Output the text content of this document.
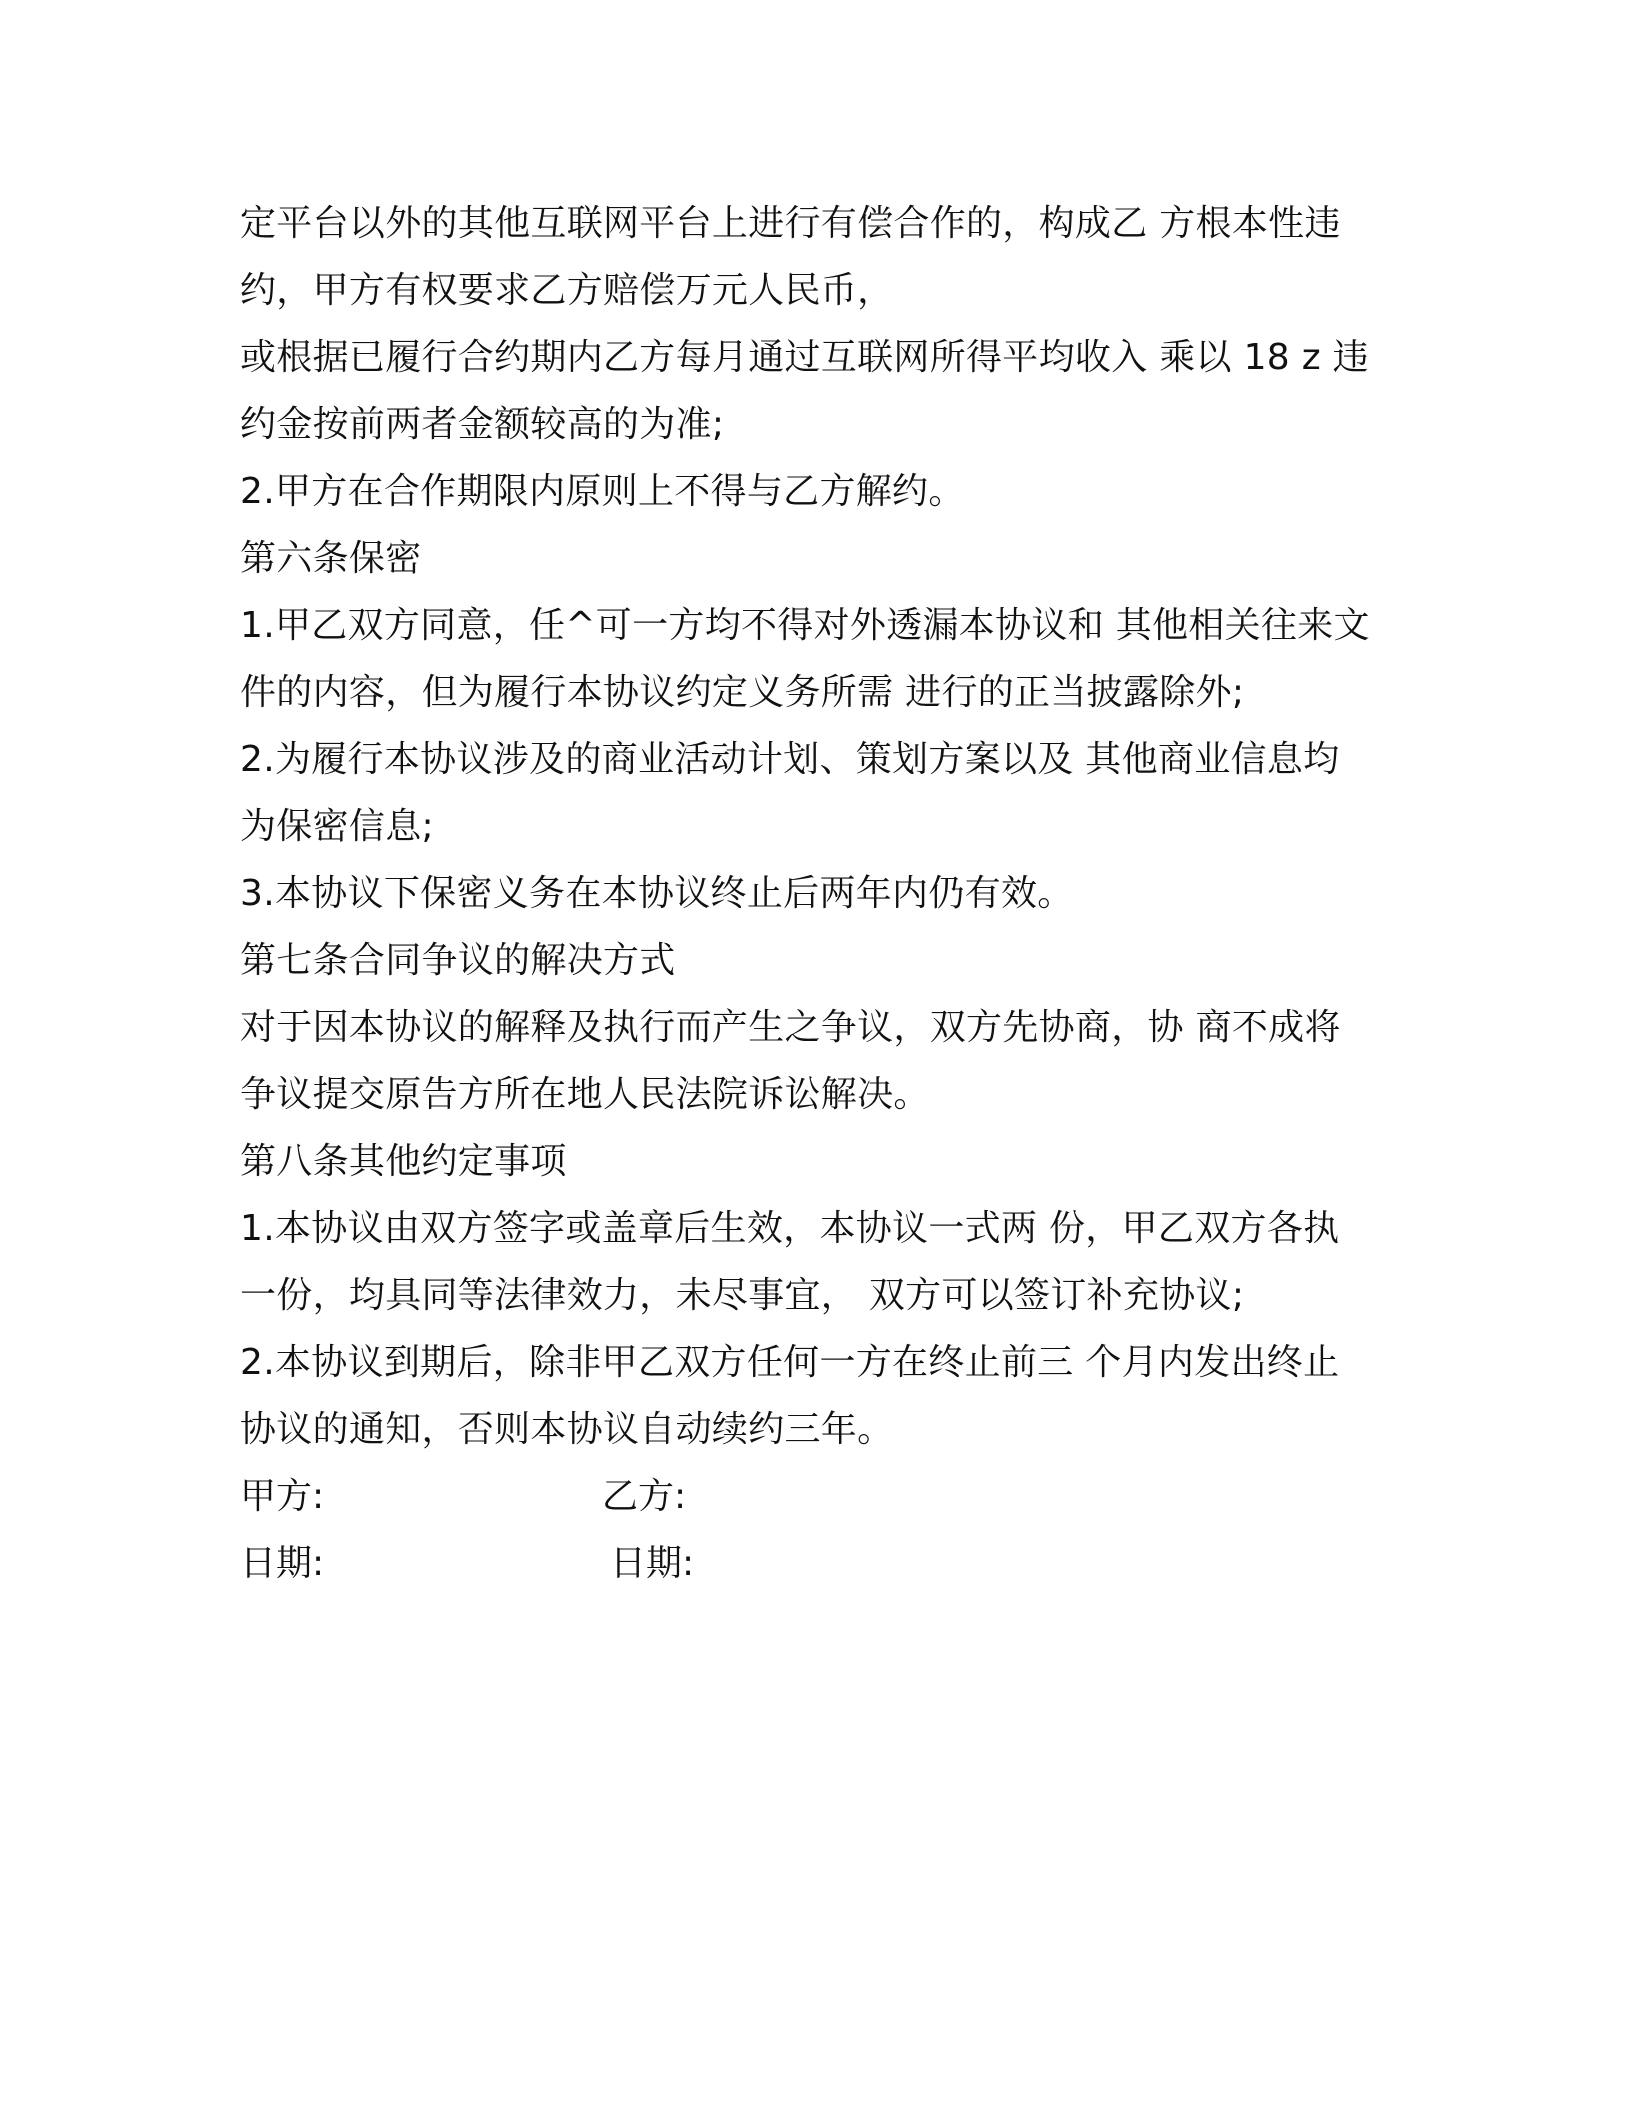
定平台以外的其他互联网平台上进行有偿合作的，构成乙 方根本性违
约，甲方有权要求乙方赔偿万元人民币，
或根据已履行合约期内乙方每月通过互联网所得平均收入 乘以 18 z 违
约金按前两者金额较高的为准;
2.甲方在合作期限内原则上不得与乙方解约。
第六条保密
1.甲乙双方同意，任^可一方均不得对外透漏本协议和 其他相关往来文
件的内容，但为履行本协议约定义务所需 进行的正当披露除外;
2.为履行本协议涉及的商业活动计划、策划方案以及 其他商业信息均
为保密信息;
3.本协议下保密义务在本协议终止后两年内仍有效。
第七条合同争议的解决方式
对于因本协议的解释及执行而产生之争议，双方先协商，协 商不成将
争议提交原告方所在地人民法院诉讼解决。
第八条其他约定事项
1.本协议由双方签字或盖章后生效，本协议一式两 份，甲乙双方各执
一份，均具同等法律效力，未尽事宜， 双方可以签订补充协议;
2.本协议到期后，除非甲乙双方任何一方在终止前三 个月内发出终止
协议的通知，否则本协议自动续约三年。
甲方:	乙方:
日期:	日期:
